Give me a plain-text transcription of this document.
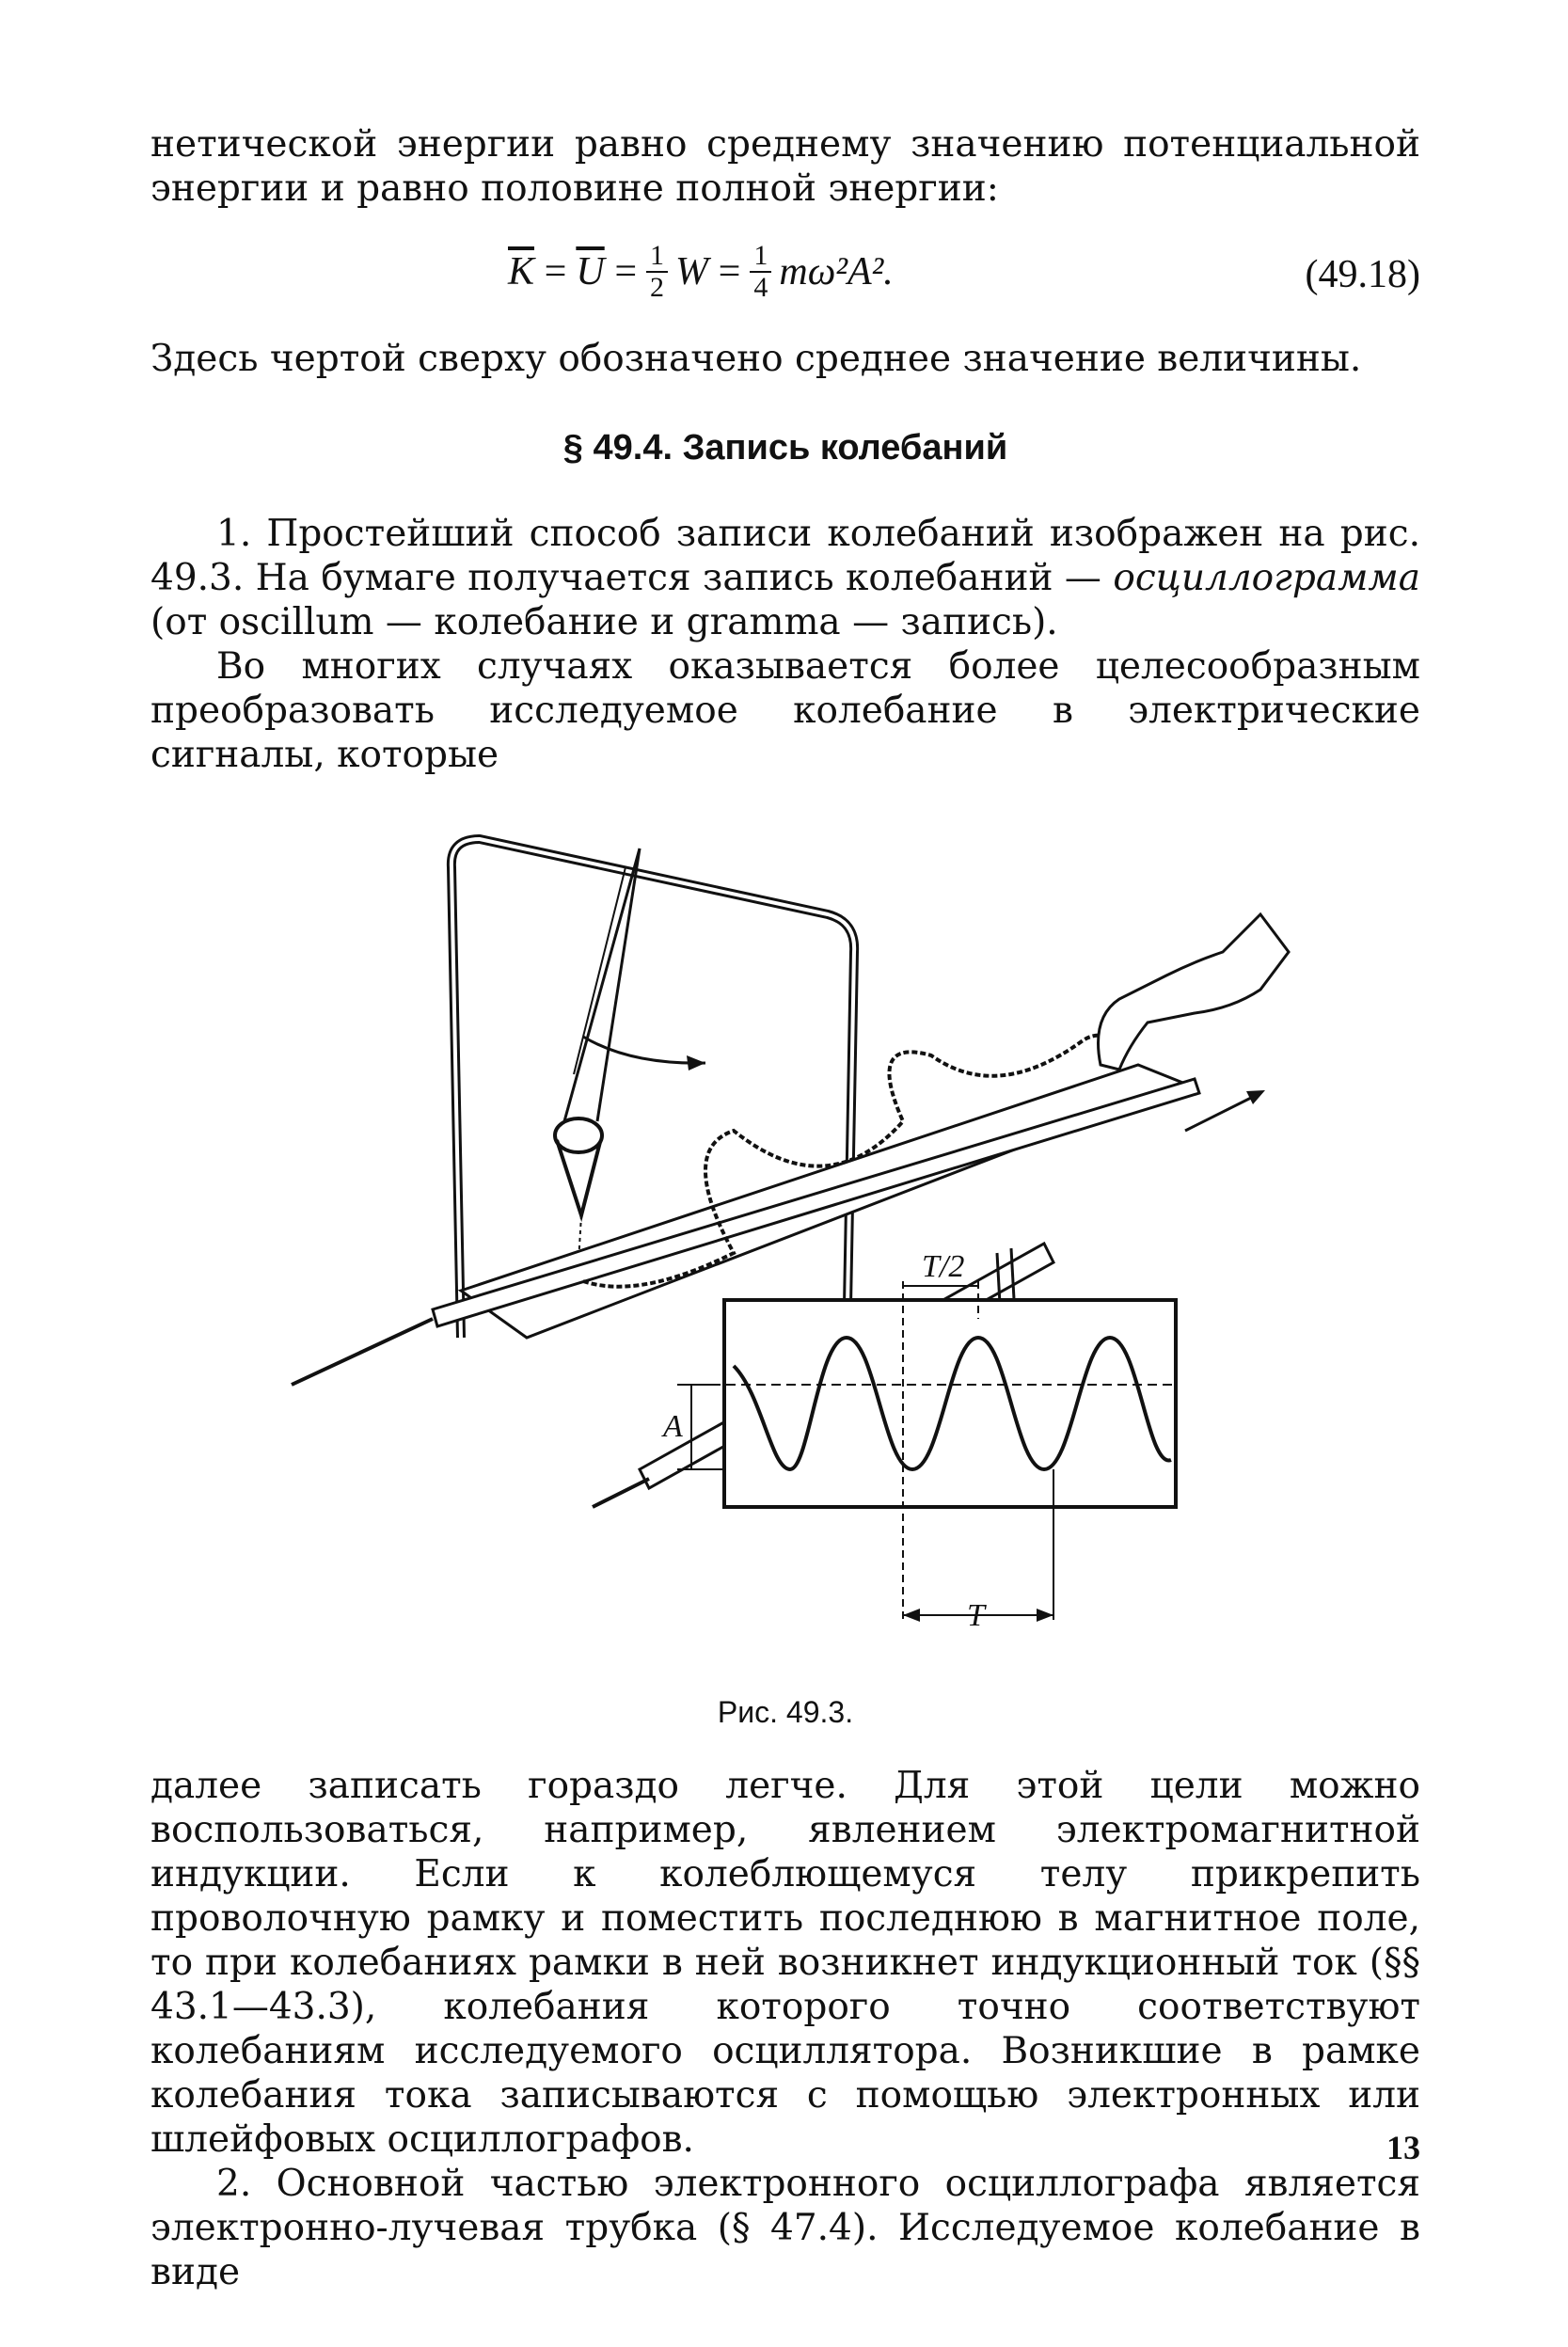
нетической энергии равно среднему значению потенциальной энергии и равно половине полной энергии:

$\overline{K} = \overline{U} = \frac{1}{2}$ $W = \frac{1}{4} m\omega^2A^2$.	(49.18)

Здесь чертой сверху обозначено среднее значение величины.

§ 49.4. Запись колебаний

1. Простейший способ записи колебаний изображен на рис. 49.3. На бумаге получается запись колебаний — осциллограмма (от oscillum — колебание и gramma — запись).

Во многих случаях оказывается более целесообразным преобразовать исследуемое колебание в электрические сигналы, которые

T/2
A
T
Рис. 49.3.

далее записать гораздо легче. Для этой цели можно воспользоваться, например, явлением электромагнитной индукции. Если к колеблющемуся телу прикрепить проволочную рамку и поместить последнюю в магнитное поле, то при колебаниях рамки в ней возникнет индукционный ток (§§ 43.1—43.3), колебания которого точно соответствуют колебаниям исследуемого осциллятора. Возникшие в рамке колебания тока записываются с помощью электронных или шлейфовых осциллографов.

2. Основной частью электронного осциллографа является электронно-лучевая трубка (§ 47.4). Исследуемое колебание в виде

13
